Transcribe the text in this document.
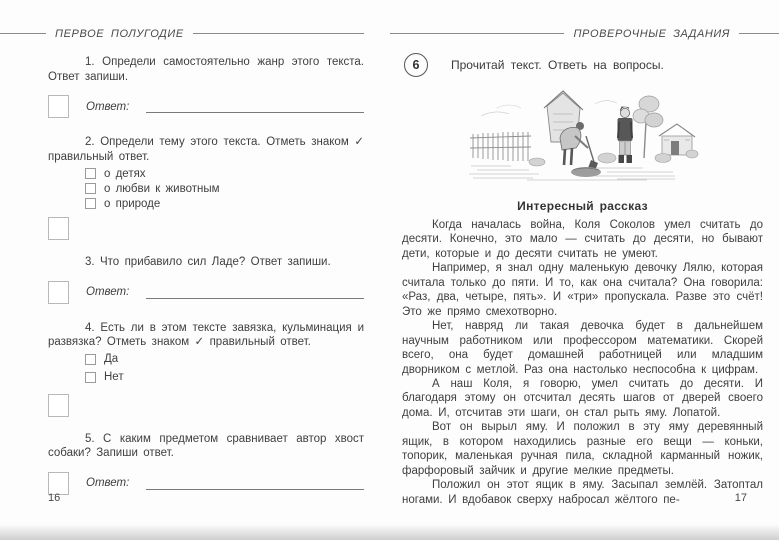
ПЕРВОЕ ПОЛУГОДИЕ

1. Определи самостоятельно жанр этого текста. Ответ запиши.

Ответ:

2. Определи тему этого текста. Отметь знаком ✓ правильный ответ.

о детях
о любви к животным
о природе

3. Что прибавило сил Ладе? Ответ запиши.

Ответ:

4. Есть ли в этом тексте завязка, кульминация и развязка? Отметь знаком ✓ правильный ответ.

Да

Нет

5. С каким предметом сравнивает автор хвост собаки? Запиши ответ.

Ответ:
16
ПРОВЕРОЧНЫЕ ЗАДАНИЯ
6	Прочитай текст. Ответь на вопросы.
Интересный рассказ

Когда началась война, Коля Соколов умел считать до десяти. Конечно, это мало — считать до десяти, но бывают дети, которые и до десяти считать не умеют.

Например, я знал одну маленькую девочку Лялю, которая считала только до пяти. И то, как она считала? Она говорила: «Раз, два, четыре, пять». И «три» пропускала. Разве это счёт! Это же прямо смехотворно.

Нет, навряд ли такая девочка будет в дальнейшем научным работником или профессором математики. Скорей всего, она будет домашней работницей или младшим дворником с метлой. Раз она настолько неспособна к цифрам.

А наш Коля, я говорю, умел считать до десяти. И благодаря этому он отсчитал десять шагов от дверей своего дома. И, отсчитав эти шаги, он стал рыть яму. Лопатой.

Вот он вырыл яму. И положил в эту яму деревянный ящик, в котором находились разные его вещи — коньки, топорик, маленькая ручная пила, складной карманный ножик, фарфоровый зайчик и другие мелкие предметы.

Положил он этот ящик в яму. Засыпал землёй. Затоптал ногами. И вдобавок сверху набросал жёлтого пе-	17
